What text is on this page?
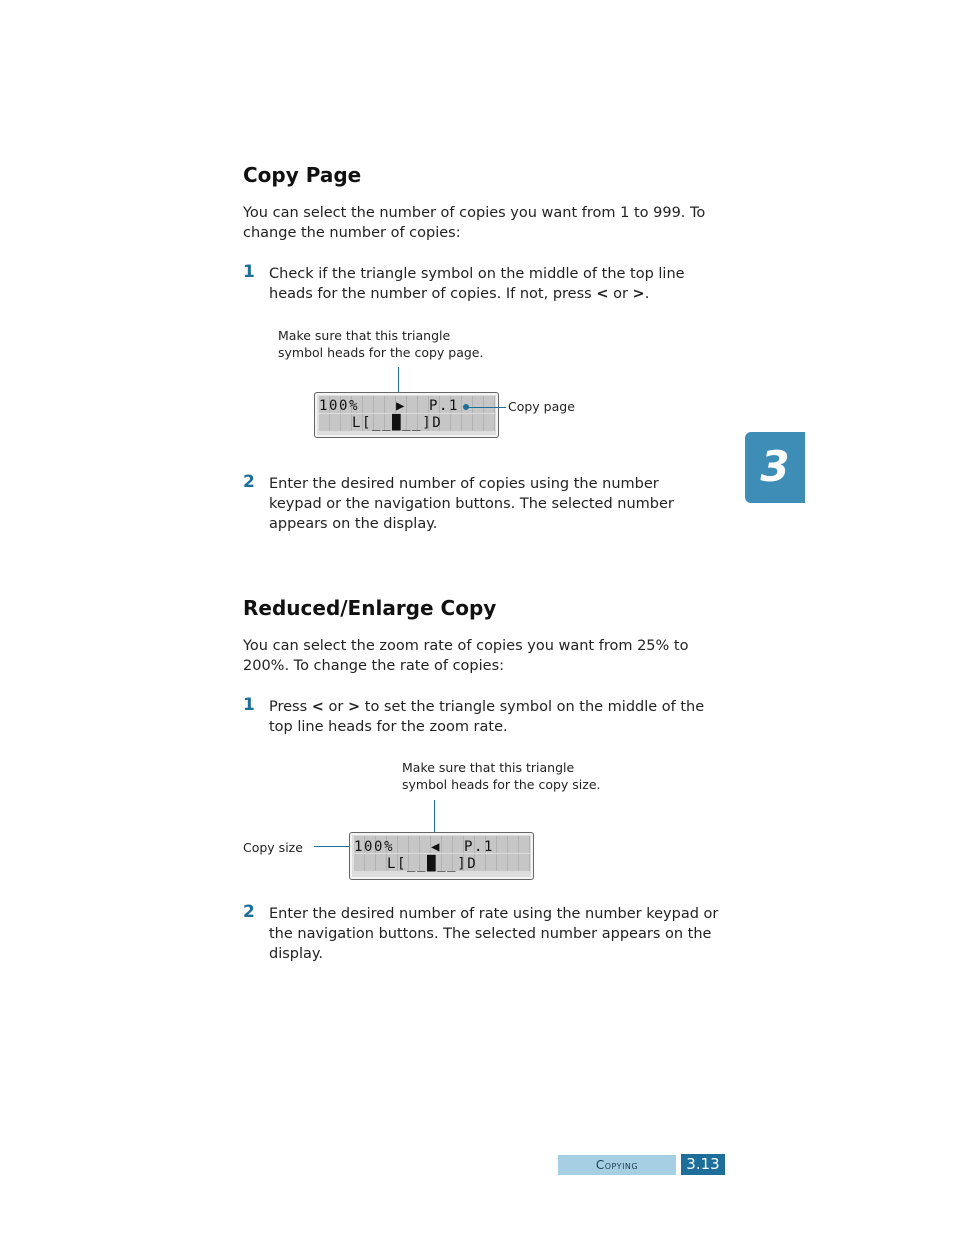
Copy Page
You can select the number of copies you want from 1 to 999. To change the number of copies:
1 Check if the triangle symbol on the middle of the top line heads for the number of copies. If not, press < or >.
Make sure that this triangle symbol heads for the copy page.
100%	▶ P.1
L[__█__]D
Copy page
2 Enter the desired number of copies using the number keypad or the navigation buttons. The selected number appears on the display.
Reduced/Enlarge Copy
You can select the zoom rate of copies you want from 25% to 200%. To change the rate of copies:
1 Press < or > to set the triangle symbol on the middle of the top line heads for the zoom rate.
Make sure that this triangle symbol heads for the copy size.
Copy size	100%	◀ P.1
L[__█__]D
2 Enter the desired number of rate using the number keypad or the navigation buttons. The selected number appears on the display.
3
Copying	3.13
